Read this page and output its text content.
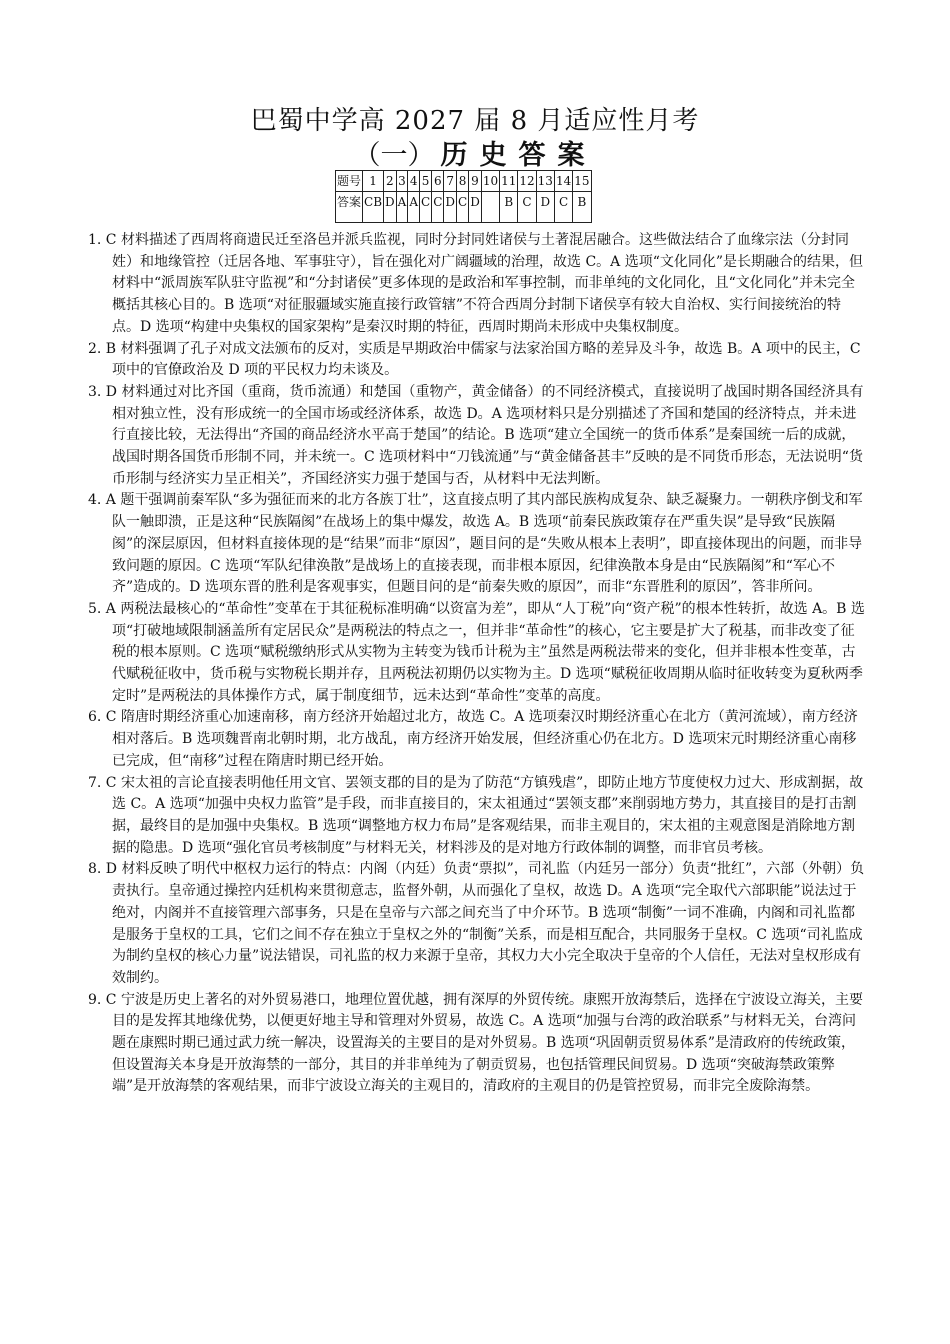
巴蜀中学高 2027 届 8 月适应性月考
（一） 历史答案
题号	1	2	3	4	5	6	7	8	9	10	11	12	13	14	15
答案	CB	D	A	A	C	C	D	C	D		B	C	D	C	B

1. C 材料描述了西周将商遗民迁至洛邑并派兵监视，同时分封同姓诸侯与土著混居融合。这些做法结合了血缘宗法（分封同姓）和地缘管控（迁居各地、军事驻守），旨在强化对广阔疆域的治理，故选 C。A 选项“文化同化”是长期融合的结果，但材料中“派周族军队驻守监视”和“分封诸侯”更多体现的是政治和军事控制，而非单纯的文化同化，且“文化同化”并未完全概括其核心目的。B 选项“对征服疆域实施直接行政管辖”不符合西周分封制下诸侯享有较大自治权、实行间接统治的特点。D 选项“构建中央集权的国家架构”是秦汉时期的特征，西周时期尚未形成中央集权制度。

2. B 材料强调了孔子对成文法颁布的反对，实质是早期政治中儒家与法家治国方略的差异及斗争，故选 B。A 项中的民主，C 项中的官僚政治及 D 项的平民权力均未谈及。

3. D 材料通过对比齐国（重商，货币流通）和楚国（重物产，黄金储备）的不同经济模式，直接说明了战国时期各国经济具有相对独立性，没有形成统一的全国市场或经济体系，故选 D。A 选项材料只是分别描述了齐国和楚国的经济特点，并未进行直接比较，无法得出“齐国的商品经济水平高于楚国”的结论。B 选项“建立全国统一的货币体系”是秦国统一后的成就，战国时期各国货币形制不同，并未统一。C 选项材料中“刀钱流通”与“黄金储备甚丰”反映的是不同货币形态，无法说明“货币形制与经济实力呈正相关”，齐国经济实力强于楚国与否，从材料中无法判断。

4. A 题干强调前秦军队“多为强征而来的北方各族丁壮”，这直接点明了其内部民族构成复杂、缺乏凝聚力。一朝秩序倒戈和军队一触即溃，正是这种“民族隔阂”在战场上的集中爆发，故选 A。B 选项“前秦民族政策存在严重失误”是导致“民族隔阂”的深层原因，但材料直接体现的是“结果”而非“原因”，题目问的是“失败从根本上表明”，即直接体现出的问题，而非导致问题的原因。C 选项“军队纪律涣散”是战场上的直接表现，而非根本原因，纪律涣散本身是由“民族隔阂”和“军心不齐”造成的。D 选项东晋的胜利是客观事实，但题目问的是“前秦失败的原因”，而非“东晋胜利的原因”，答非所问。

5. A 两税法最核心的“革命性”变革在于其征税标准明确“以资富为差”，即从“人丁税”向“资产税”的根本性转折，故选 A。B 选项“打破地域限制涵盖所有定居民众”是两税法的特点之一，但并非“革命性”的核心，它主要是扩大了税基，而非改变了征税的根本原则。C 选项“赋税缴纳形式从实物为主转变为钱币计税为主”虽然是两税法带来的变化，但并非根本性变革，古代赋税征收中，货币税与实物税长期并存，且两税法初期仍以实物为主。D 选项“赋税征收周期从临时征收转变为夏秋两季定时”是两税法的具体操作方式，属于制度细节，远未达到“革命性”变革的高度。

6. C 隋唐时期经济重心加速南移，南方经济开始超过北方，故选 C。A 选项秦汉时期经济重心在北方（黄河流域），南方经济相对落后。B 选项魏晋南北朝时期，北方战乱，南方经济开始发展，但经济重心仍在北方。D 选项宋元时期经济重心南移已完成，但“南移”过程在隋唐时期已经开始。

7. C 宋太祖的言论直接表明他任用文官、罢领支郡的目的是为了防范“方镇残虐”，即防止地方节度使权力过大、形成割据，故选 C。A 选项“加强中央权力监管”是手段，而非直接目的，宋太祖通过“罢领支郡”来削弱地方势力，其直接目的是打击割据，最终目的是加强中央集权。B 选项“调整地方权力布局”是客观结果，而非主观目的，宋太祖的主观意图是消除地方割据的隐患。D 选项“强化官员考核制度”与材料无关，材料涉及的是对地方行政体制的调整，而非官员考核。

8. D 材料反映了明代中枢权力运行的特点：内阁（内廷）负责“票拟”，司礼监（内廷另一部分）负责“批红”，六部（外朝）负责执行。皇帝通过操控内廷机构来贯彻意志，监督外朝，从而强化了皇权，故选 D。A 选项“完全取代六部职能”说法过于绝对，内阁并不直接管理六部事务，只是在皇帝与六部之间充当了中介环节。B 选项“制衡”一词不准确，内阁和司礼监都是服务于皇权的工具，它们之间不存在独立于皇权之外的“制衡”关系，而是相互配合，共同服务于皇权。C 选项“司礼监成为制约皇权的核心力量”说法错误，司礼监的权力来源于皇帝，其权力大小完全取决于皇帝的个人信任，无法对皇权形成有效制约。

9. C 宁波是历史上著名的对外贸易港口，地理位置优越，拥有深厚的外贸传统。康熙开放海禁后，选择在宁波设立海关，主要目的是发挥其地缘优势，以便更好地主导和管理对外贸易，故选 C。A 选项“加强与台湾的政治联系”与材料无关，台湾问题在康熙时期已通过武力统一解决，设置海关的主要目的是对外贸易。B 选项“巩固朝贡贸易体系”是清政府的传统政策，但设置海关本身是开放海禁的一部分，其目的并非单纯为了朝贡贸易，也包括管理民间贸易。D 选项“突破海禁政策弊端”是开放海禁的客观结果，而非宁波设立海关的主观目的，清政府的主观目的仍是管控贸易，而非完全废除海禁。
